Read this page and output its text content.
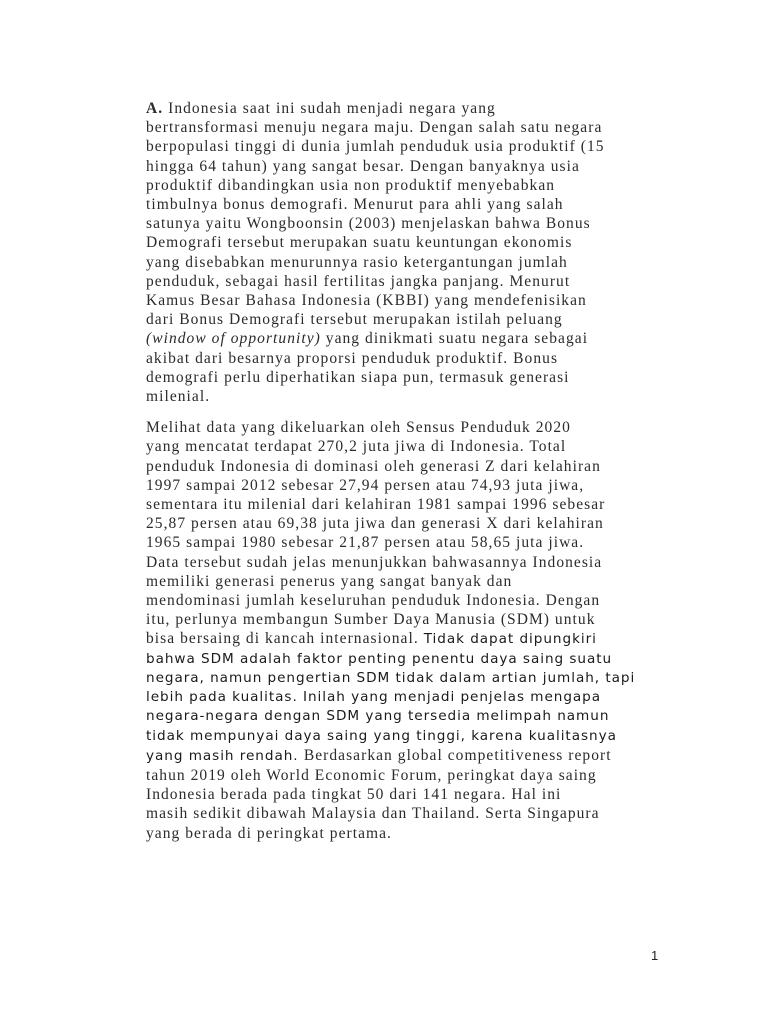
A. Indonesia saat ini sudah menjadi negara yang
bertransformasi menuju negara maju. Dengan salah satu negara
berpopulasi tinggi di dunia jumlah penduduk usia produktif (15
hingga 64 tahun) yang sangat besar. Dengan banyaknya usia
produktif dibandingkan usia non produktif menyebabkan
timbulnya bonus demografi. Menurut para ahli yang salah
satunya yaitu Wongboonsin (2003) menjelaskan bahwa Bonus
Demografi tersebut merupakan suatu keuntungan ekonomis
yang disebabkan menurunnya rasio ketergantungan jumlah
penduduk, sebagai hasil fertilitas jangka panjang. Menurut
Kamus Besar Bahasa Indonesia (KBBI) yang mendefenisikan
dari Bonus Demografi tersebut merupakan istilah peluang
(window of opportunity) yang dinikmati suatu negara sebagai
akibat dari besarnya proporsi penduduk produktif. Bonus
demografi perlu diperhatikan siapa pun, termasuk generasi
milenial.

Melihat data yang dikeluarkan oleh Sensus Penduduk 2020
yang mencatat terdapat 270,2 juta jiwa di Indonesia. Total
penduduk Indonesia di dominasi oleh generasi Z dari kelahiran
1997 sampai 2012 sebesar 27,94 persen atau 74,93 juta jiwa,
sementara itu milenial dari kelahiran 1981 sampai 1996 sebesar
25,87 persen atau 69,38 juta jiwa dan generasi X dari kelahiran
1965 sampai 1980 sebesar 21,87 persen atau 58,65 juta jiwa.
Data tersebut sudah jelas menunjukkan bahwasannya Indonesia
memiliki generasi penerus yang sangat banyak dan
mendominasi jumlah keseluruhan penduduk Indonesia. Dengan
itu, perlunya membangun Sumber Daya Manusia (SDM) untuk
bisa bersaing di kancah internasional. Tidak dapat dipungkiri
bahwa SDM adalah faktor penting penentu daya saing suatu
negara, namun pengertian SDM tidak dalam artian jumlah, tapi
lebih pada kualitas. Inilah yang menjadi penjelas mengapa
negara-negara dengan SDM yang tersedia melimpah namun
tidak mempunyai daya saing yang tinggi, karena kualitasnya
yang masih rendah. Berdasarkan global competitiveness report
tahun 2019 oleh World Economic Forum, peringkat daya saing
Indonesia berada pada tingkat 50 dari 141 negara. Hal ini
masih sedikit dibawah Malaysia dan Thailand. Serta Singapura
yang berada di peringkat pertama.

1
